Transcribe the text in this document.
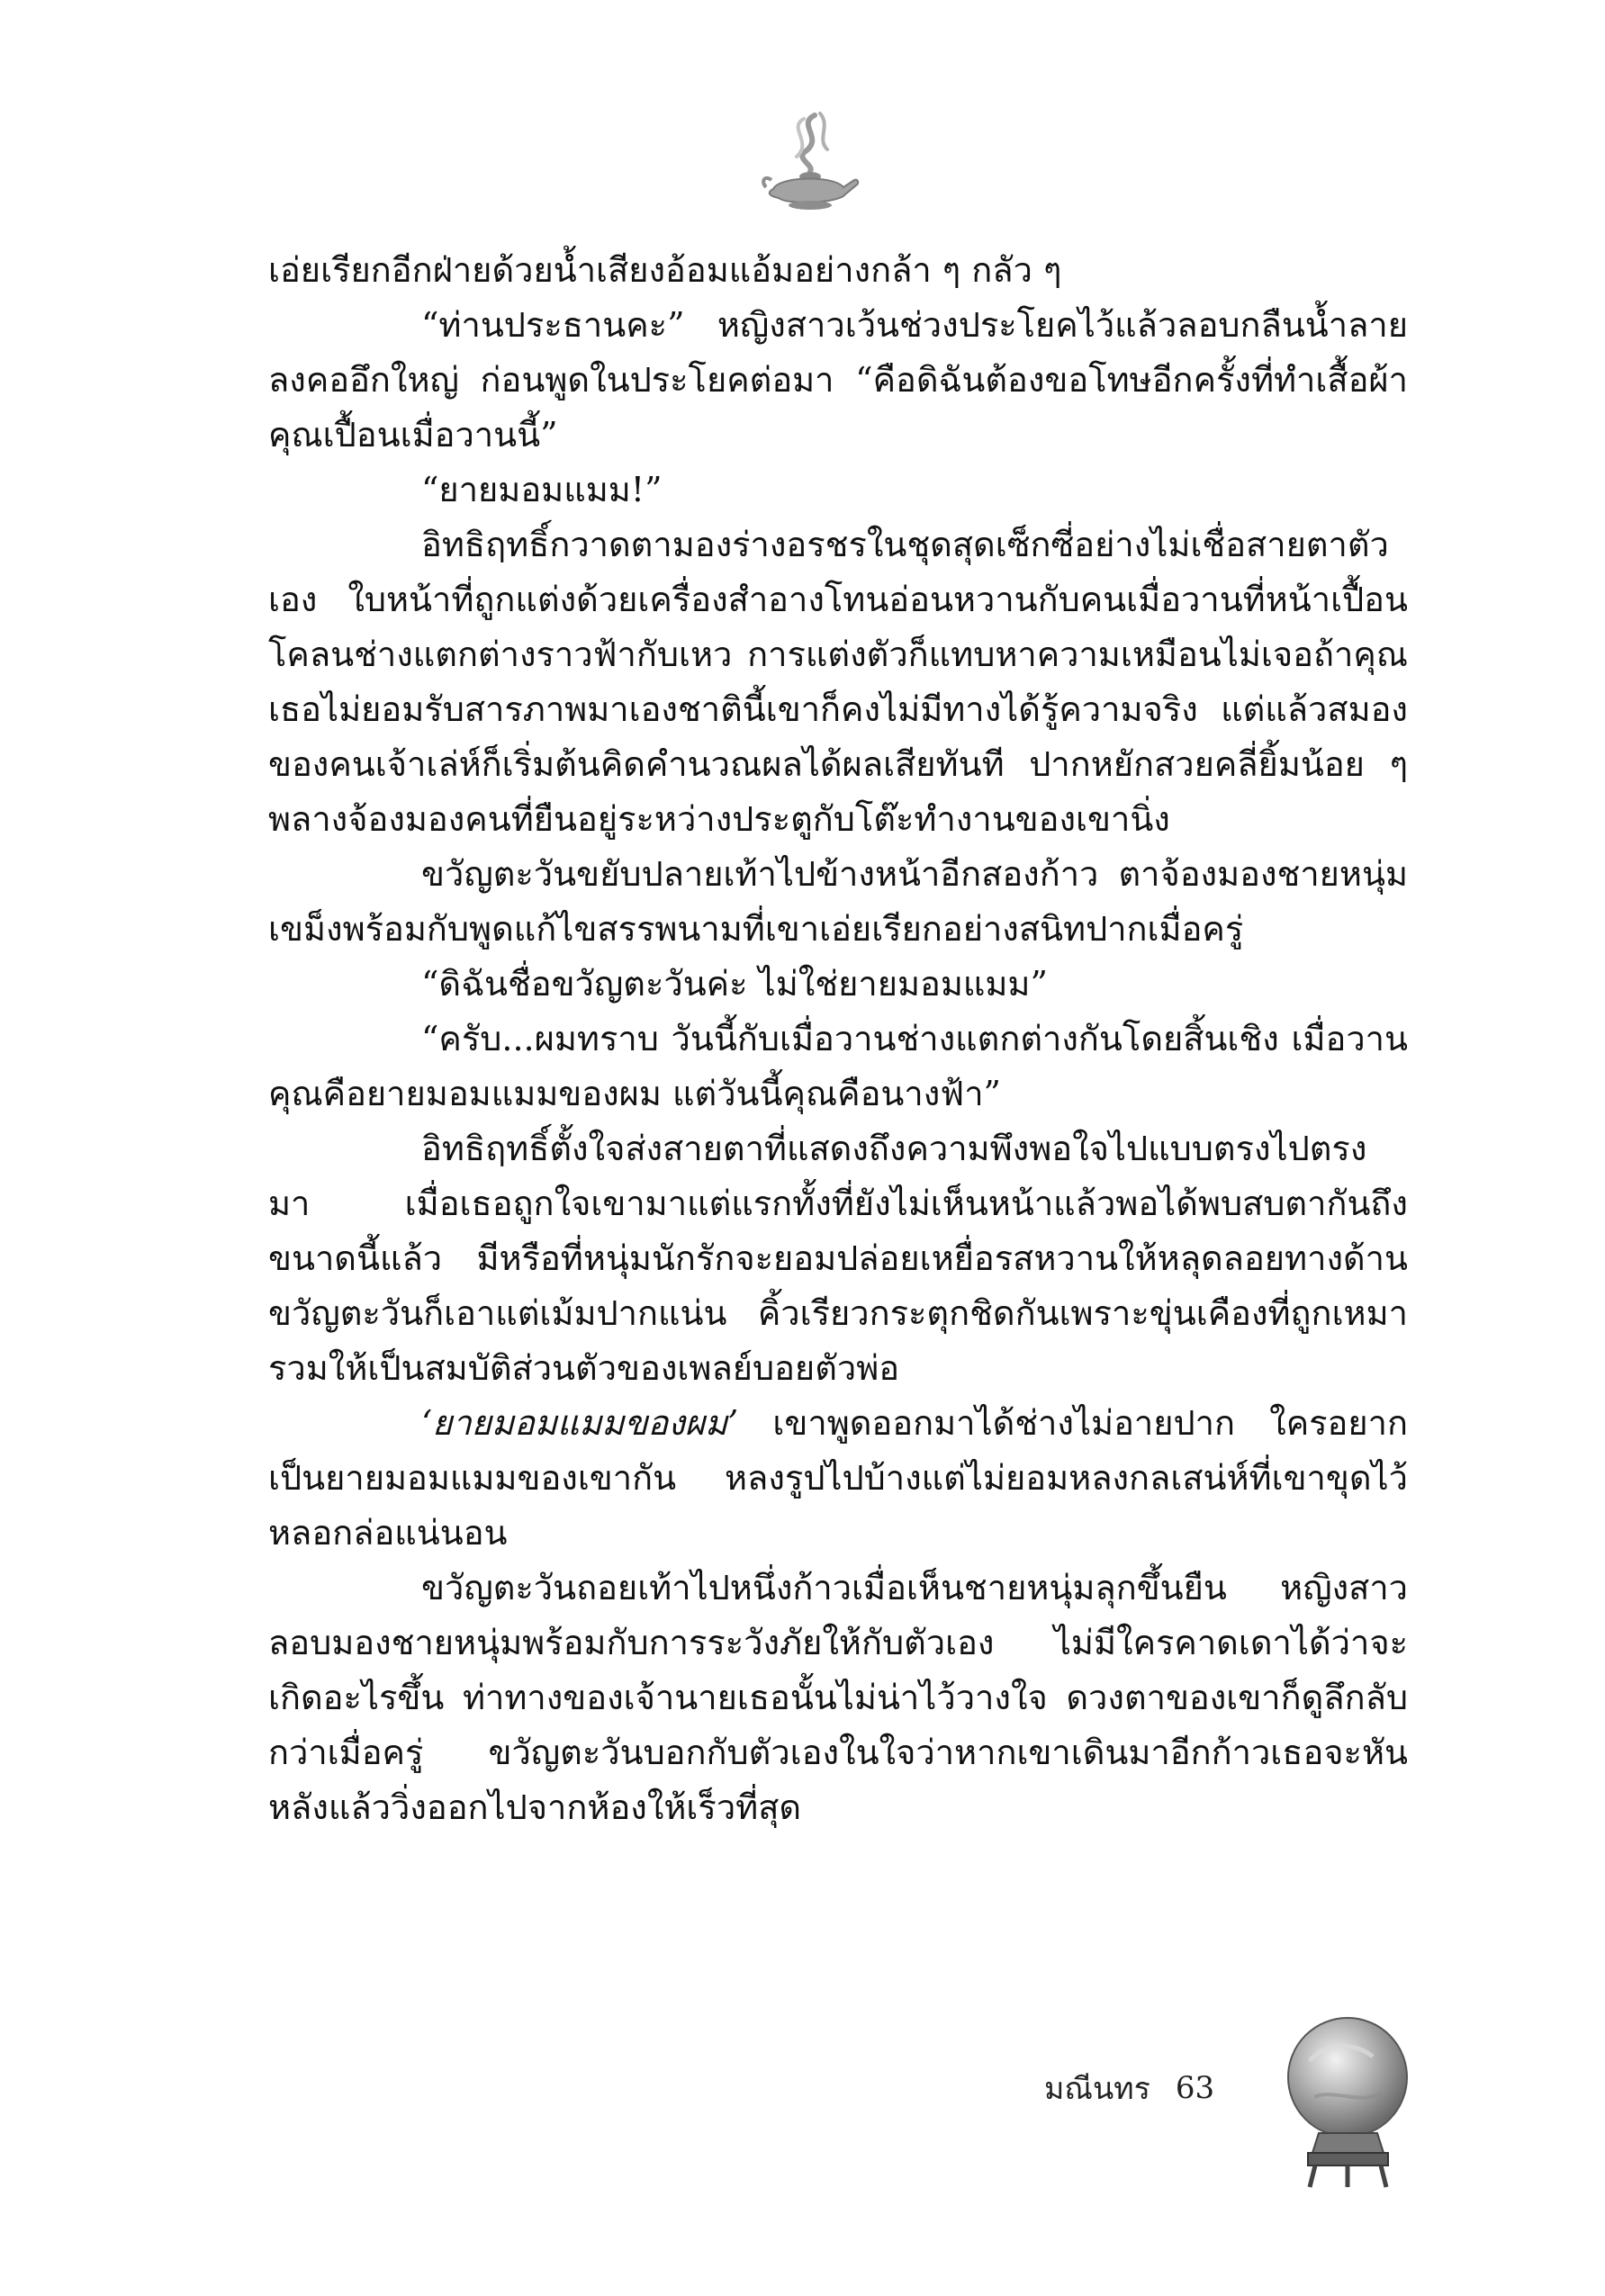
เอ่ยเรียกอีกฝ่ายด้วยน้ำเสียงอ้อมแอ้มอย่างกล้า ๆ กลัว ๆ

“ท่านประธานคะ” หญิงสาวเว้นช่วงประโยคไว้แล้วลอบกลืนน้ำลายลงคออึกใหญ่ ก่อนพูดในประโยคต่อมา “คือดิฉันต้องขอโทษอีกครั้งที่ทำเสื้อผ้าคุณเปื้อนเมื่อวานนี้”

“ยายมอมแมม!”

อิทธิฤทธิ์กวาดตามองร่างอรชรในชุดสุดเซ็กซี่อย่างไม่เชื่อสายตาตัวเอง ใบหน้าที่ถูกแต่งด้วยเครื่องสำอางโทนอ่อนหวานกับคนเมื่อวานที่หน้าเปื้อนโคลนช่างแตกต่างราวฟ้ากับเหว การแต่งตัวก็แทบหาความเหมือนไม่เจอถ้าคุณเธอไม่ยอมรับสารภาพมาเองชาตินี้เขาก็คงไม่มีทางได้รู้ความจริง แต่แล้วสมองของคนเจ้าเล่ห์ก็เริ่มต้นคิดคำนวณผลได้ผลเสียทันที ปากหยักสวยคลี่ยิ้มน้อย ๆ พลางจ้องมองคนที่ยืนอยู่ระหว่างประตูกับโต๊ะทำงานของเขานิ่ง

ขวัญตะวันขยับปลายเท้าไปข้างหน้าอีกสองก้าว ตาจ้องมองชายหนุ่มเขม็งพร้อมกับพูดแก้ไขสรรพนามที่เขาเอ่ยเรียกอย่างสนิทปากเมื่อครู่

“ดิฉันชื่อขวัญตะวันค่ะ ไม่ใช่ยายมอมแมม”

“ครับ...ผมทราบ วันนี้กับเมื่อวานช่างแตกต่างกันโดยสิ้นเชิง เมื่อวานคุณคือยายมอมแมมของผม แต่วันนี้คุณคือนางฟ้า”

อิทธิฤทธิ์ตั้งใจส่งสายตาที่แสดงถึงความพึงพอใจไปแบบตรงไปตรงมา เมื่อเธอถูกใจเขามาแต่แรกทั้งที่ยังไม่เห็นหน้าแล้วพอได้พบสบตากันถึงขนาดนี้แล้ว มีหรือที่หนุ่มนักรักจะยอมปล่อยเหยื่อรสหวานให้หลุดลอยทางด้านขวัญตะวันก็เอาแต่เม้มปากแน่น คิ้วเรียวกระตุกชิดกันเพราะขุ่นเคืองที่ถูกเหมารวมให้เป็นสมบัติส่วนตัวของเพลย์บอยตัวพ่อ

‘ยายมอมแมมของผม’ เขาพูดออกมาได้ช่างไม่อายปาก ใครอยากเป็นยายมอมแมมของเขากัน หลงรูปไปบ้างแต่ไม่ยอมหลงกลเสน่ห์ที่เขาขุดไว้หลอกล่อแน่นอน

ขวัญตะวันถอยเท้าไปหนึ่งก้าวเมื่อเห็นชายหนุ่มลุกขึ้นยืน หญิงสาวลอบมองชายหนุ่มพร้อมกับการระวังภัยให้กับตัวเอง ไม่มีใครคาดเดาได้ว่าจะเกิดอะไรขึ้น ท่าทางของเจ้านายเธอนั้นไม่น่าไว้วางใจ ดวงตาของเขาก็ดูลึกลับกว่าเมื่อครู่ ขวัญตะวันบอกกับตัวเองในใจว่าหากเขาเดินมาอีกก้าวเธอจะหันหลังแล้ววิ่งออกไปจากห้องให้เร็วที่สุด

มณีนทร 63
